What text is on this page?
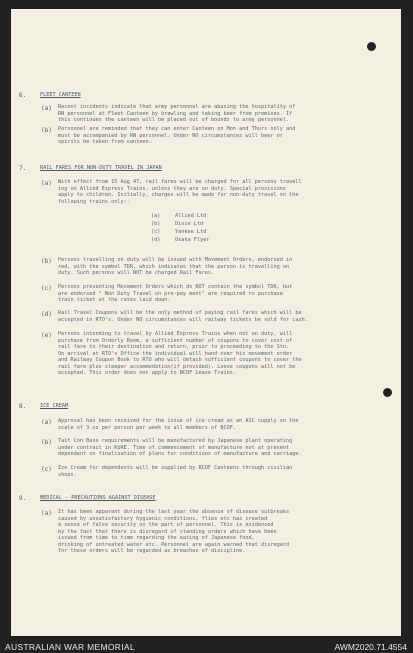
6.	FLEET CANTEEN
(a) Recent incidents indicate that army personnel are abusing the hospitality of
RN personnel at Fleet Canteen by brawling and taking beer from premises. If
this continues the canteen will be placed out of bounds to army personnel.
(b) Personnel are reminded that they can enter Canteen on Mon and Thurs only and
must be accompanied by RN personnel. Under NO circumstances will beer or
spirits be taken from canteen.
7.	RAIL FARES FOR NON-DUTY TRAVEL IN JAPAN
(a) With effect from 15 Aug 47, rail fares will be charged for all persons travell
ing on Allied Express Trains, unless they are on duty. Special provisions
apply to children. Initially, charges will be made for non-duty travel on the
following trains only:-
(a)	Allied Ltd
(b)	Dixie Ltd
(c)	Yankee Ltd
(d)	Osaka Flyer
(b) Persons travelling on duty will be issued with Movement Orders, endorsed in
red, with the symbol TDR, which indicates that the person is travelling on
duty. Such persons will NOT be charged Rail Fares.
(c) Persons presenting Movement Orders which do NOT contain the symbol TDR, but
are endorsed " Non Duty Travel on pre-pay ment" are required to purchase
train ticket at the rates laid down.
(d) Rail Travel Coupons will be the only method of paying rail fares which will be
accepted in RTO's. Under NO circumstances will railway tickets be sold for cash.
(e) Persons intending to travel by Allied Express Trains when not on duty, will
purchase from Orderly Room, a sufficient number of coupons to cover cost of
rail fare to their destination and return, prior to proceeding to the Stn.
On arrival at RTO's Office the individual will hand over his movement order
and Railway Coupon Book to RTO who will detach sufficient coupons to cover the
rail fare plus sleeper accommodation(if provided). Loose coupons will not be
accepted. This order does not apply to BCOF Leave Trains.
8.	ICE CREAM
(a) Approval has been received for the issue of ice cream as an ASC supply on the
scale of 3 oz per person per week to all members of BCOF.
(b) Tait Con Base requirements will be manufactured by Japanese plant operating
under contract in KURE. Time of commencement of manufacture not at present
dependent on finalisation of plans for conditions of manufacture and carriage.
(c) Ice Cream for dependents will be supplied by BCOF Canteens through civilian
shops.
9.	MEDICAL - PRECAUTIONS AGAINST DISEASE
(a) It has been apparent during the last year the absence of disease outbreaks
caused by unsatisfactory hygienic conditions, flies etc has created
a sense of false security on the part of personnel. This is evidenced
by the fact that there is disregard of standing orders which have been
issued from time to time regarding the eating of Japanese food,
drinking of untreated water etc. Personnel are again warned that disregard
for these orders will be regarded as breaches of discipline.
AUSTRALIAN WAR MEMORIAL	AWM2020.71.4554
